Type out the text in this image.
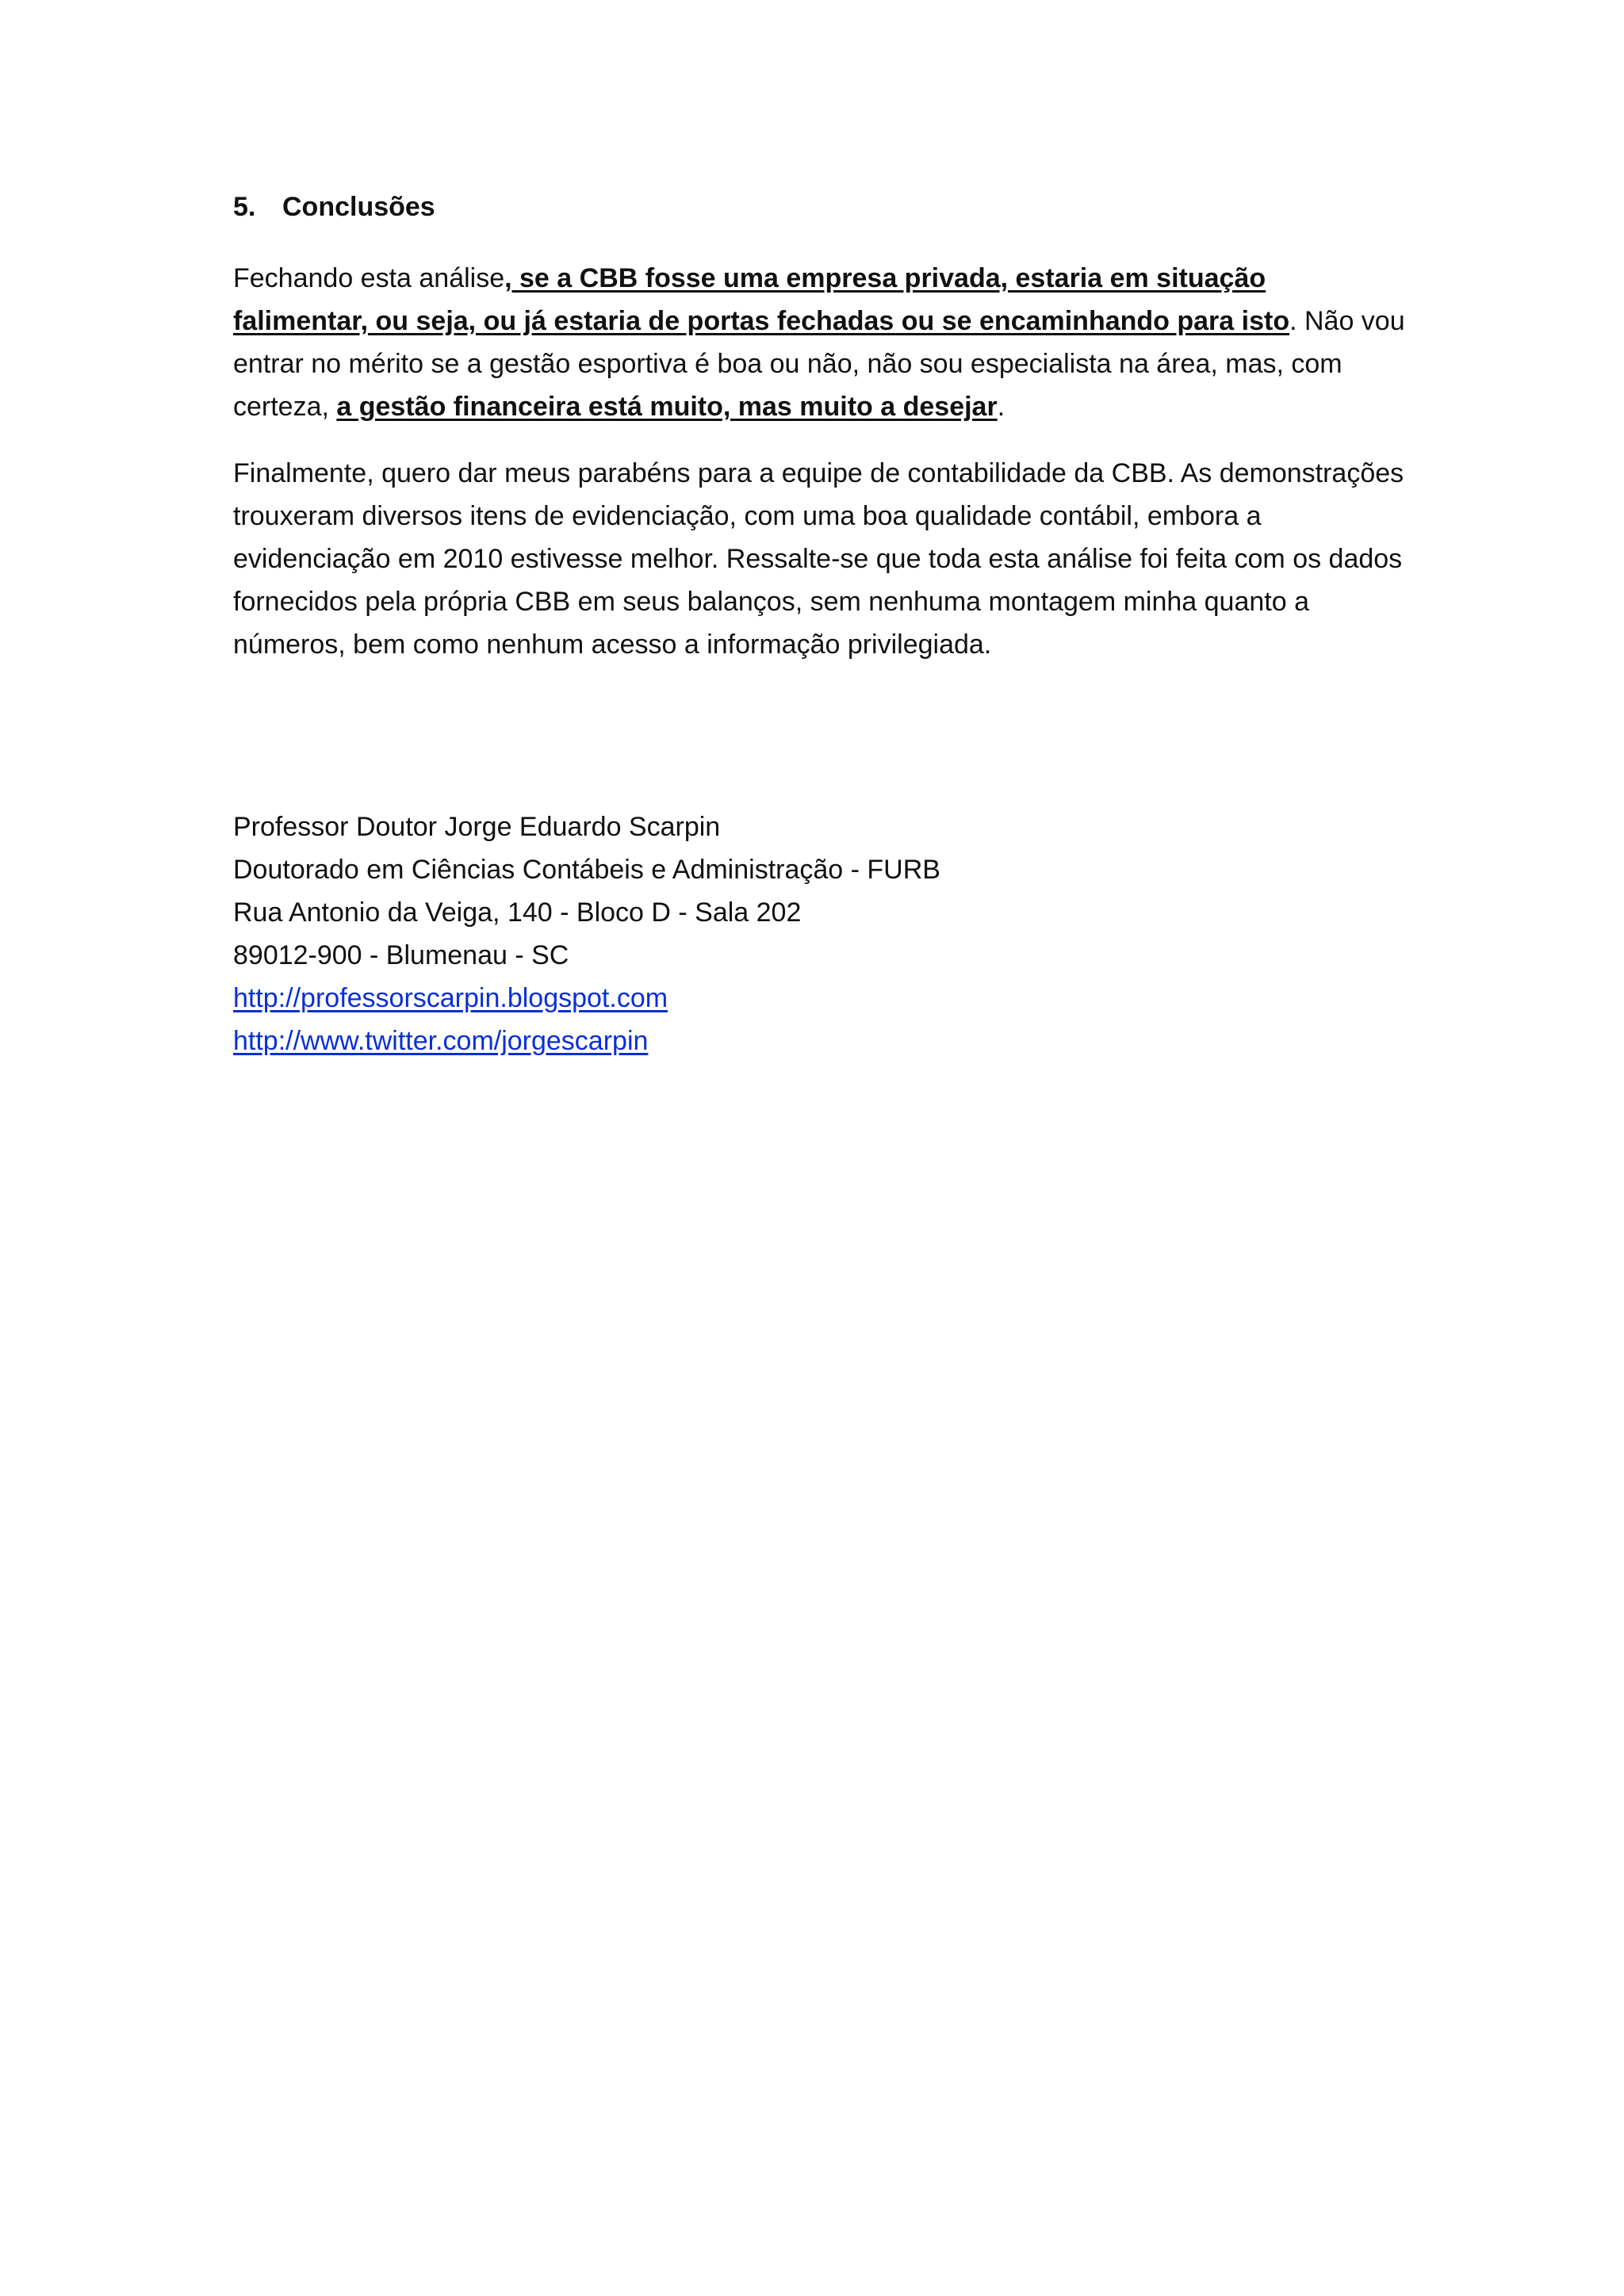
5. Conclusões

Fechando esta análise, se a CBB fosse uma empresa privada, estaria em situação falimentar, ou seja, ou já estaria de portas fechadas ou se encaminhando para isto. Não vou entrar no mérito se a gestão esportiva é boa ou não, não sou especialista na área, mas, com certeza, a gestão financeira está muito, mas muito a desejar.

Finalmente, quero dar meus parabéns para a equipe de contabilidade da CBB. As demonstrações trouxeram diversos itens de evidenciação, com uma boa qualidade contábil, embora a evidenciação em 2010 estivesse melhor. Ressalte-se que toda esta análise foi feita com os dados fornecidos pela própria CBB em seus balanços, sem nenhuma montagem minha quanto a números, bem como nenhum acesso a informação privilegiada.

Professor Doutor Jorge Eduardo Scarpin
Doutorado em Ciências Contábeis e Administração - FURB
Rua Antonio da Veiga, 140 - Bloco D - Sala 202
89012-900 - Blumenau - SC
http://professorscarpin.blogspot.com
http://www.twitter.com/jorgescarpin
